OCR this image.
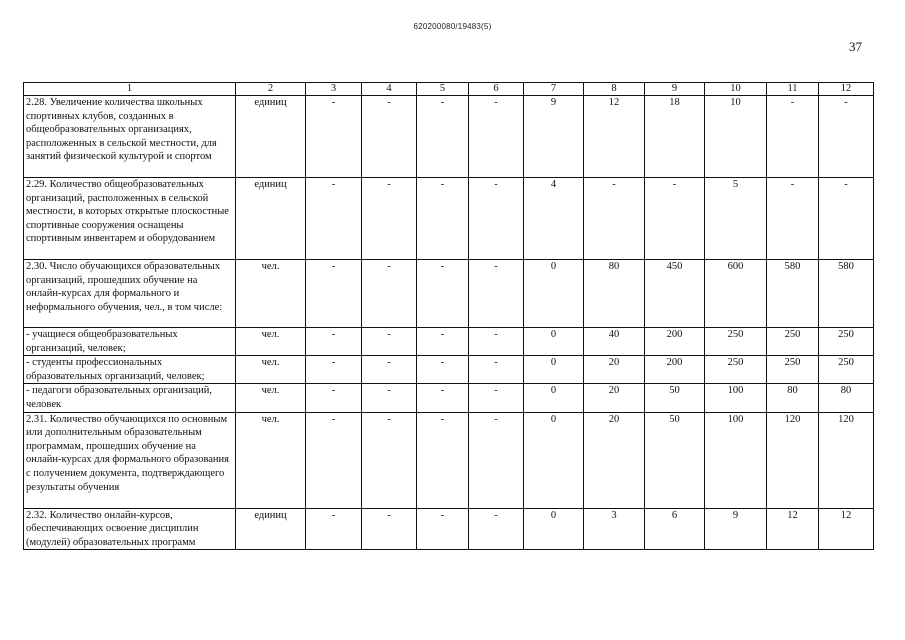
620200080/19483(5)
37
1	2	3	4	5	6	7	8	9	10	11	12
2.28. Увеличение количества школьных спортивных клубов, созданных в общеобразовательных организациях, расположенных в сельской местности, для занятий физической культурой и спортом	единиц	-	-	-	-	9	12	18	10	-	-
2.29. Количество общеобразовательных организаций, расположенных в сельской местности, в которых открытые плоскостные спортивные сооружения оснащены спортивным инвентарем и оборудованием	единиц	-	-	-	-	4	-	-	5	-	-
2.30. Число обучающихся образовательных организаций, прошедших обучение на онлайн-курсах для формального и неформального обучения, чел., в том числе:	чел.	-	-	-	-	0	80	450	600	580	580
- учащиеся общеобразовательных организаций, человек;	чел.	-	-	-	-	0	40	200	250	250	250
- студенты профессиональных образовательных организаций, человек;	чел.	-	-	-	-	0	20	200	250	250	250
- педагоги образовательных организаций, человек	чел.	-	-	-	-	0	20	50	100	80	80
2.31. Количество обучающихся по основным или дополнительным образовательным программам, прошедших обучение на онлайн-курсах для формального образования с получением документа, подтверждающего результаты обучения	чел.	-	-	-	-	0	20	50	100	120	120
2.32. Количество онлайн-курсов, обеспечивающих освоение дисциплин (модулей) образовательных программ	единиц	-	-	-	-	0	3	6	9	12	12
